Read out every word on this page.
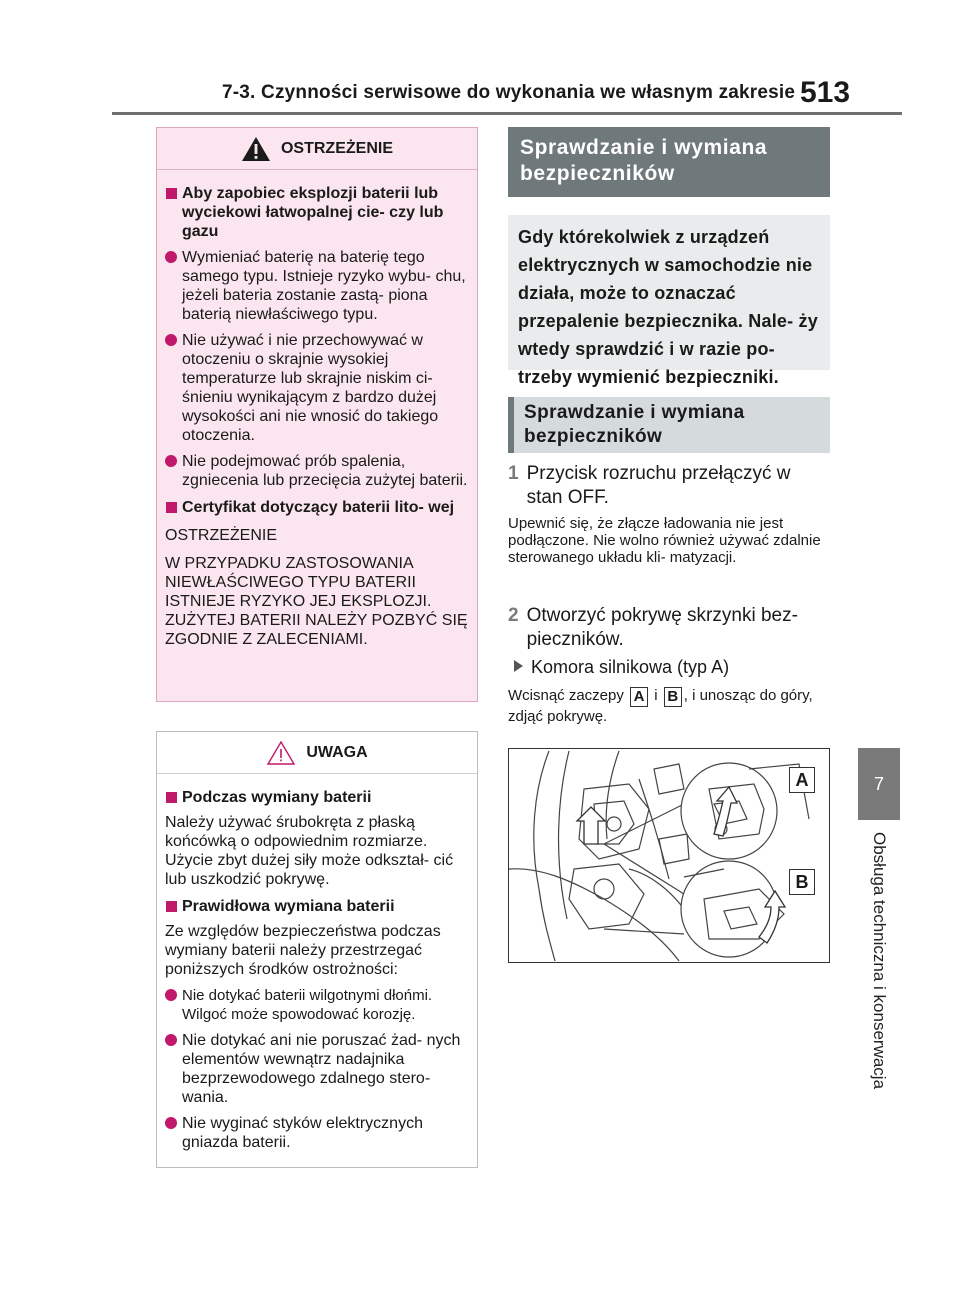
7-3. Czynności serwisowe do wykonania we własnym zakresie 513
7
Obsługa techniczna i konserwacja
OSTRZEŻENIE
Aby zapobiec eksplozji baterii lub wyciekowi łatwopalnej cie- czy lub gazu
Wymieniać baterię na baterię tego samego typu. Istnieje ryzyko wybu- chu, jeżeli bateria zostanie zastą- piona baterią niewłaściwego typu.
Nie używać i nie przechowywać w otoczeniu o skrajnie wysokiej temperaturze lub skrajnie niskim ci- śnieniu wynikającym z bardzo dużej wysokości ani nie wnosić do takiego otoczenia.
Nie podejmować prób spalenia, zgniecenia lub przecięcia zużytej baterii.
Certyfikat dotyczący baterii lito- wej
OSTRZEŻENIE
W PRZYPADKU ZASTOSOWANIA NIEWŁAŚCIWEGO TYPU BATERII ISTNIEJE RYZYKO JEJ EKSPLOZJI. ZUŻYTEJ BATERII NALEŻY POZBYĆ SIĘ ZGODNIE Z ZALECENIAMI.
UWAGA
Podczas wymiany baterii
Należy używać śrubokręta z płaską końcówką o odpowiednim rozmiarze. Użycie zbyt dużej siły może odkształ- cić lub uszkodzić pokrywę.
Prawidłowa wymiana baterii
Ze względów bezpieczeństwa podczas wymiany baterii należy przestrzegać poniższych środków ostrożności:
Nie dotykać baterii wilgotnymi dłońmi. Wilgoć może spowodować korozję.
Nie dotykać ani nie poruszać żad- nych elementów wewnątrz nadajnika bezprzewodowego zdalnego stero- wania.
Nie wyginać styków elektrycznych gniazda baterii.
Sprawdzanie i wymiana bezpieczników
Gdy którekolwiek z urządzeń elektrycznych w samochodzie nie działa, może to oznaczać przepalenie bezpiecznika. Nale- ży wtedy sprawdzić i w razie po- trzeby wymienić bezpieczniki.
Sprawdzanie i wymiana bezpieczników
1 Przycisk rozruchu przełączyć w stan OFF.
Upewnić się, że złącze ładowania nie jest podłączone. Nie wolno również używać zdalnie sterowanego układu kli- matyzacji.
2 Otworzyć pokrywę skrzynki bez- pieczników.
Komora silnikowa (typ A)
Wcisnąć zaczepy A i B , i unosząc do góry, zdjąć pokrywę.
A
B
